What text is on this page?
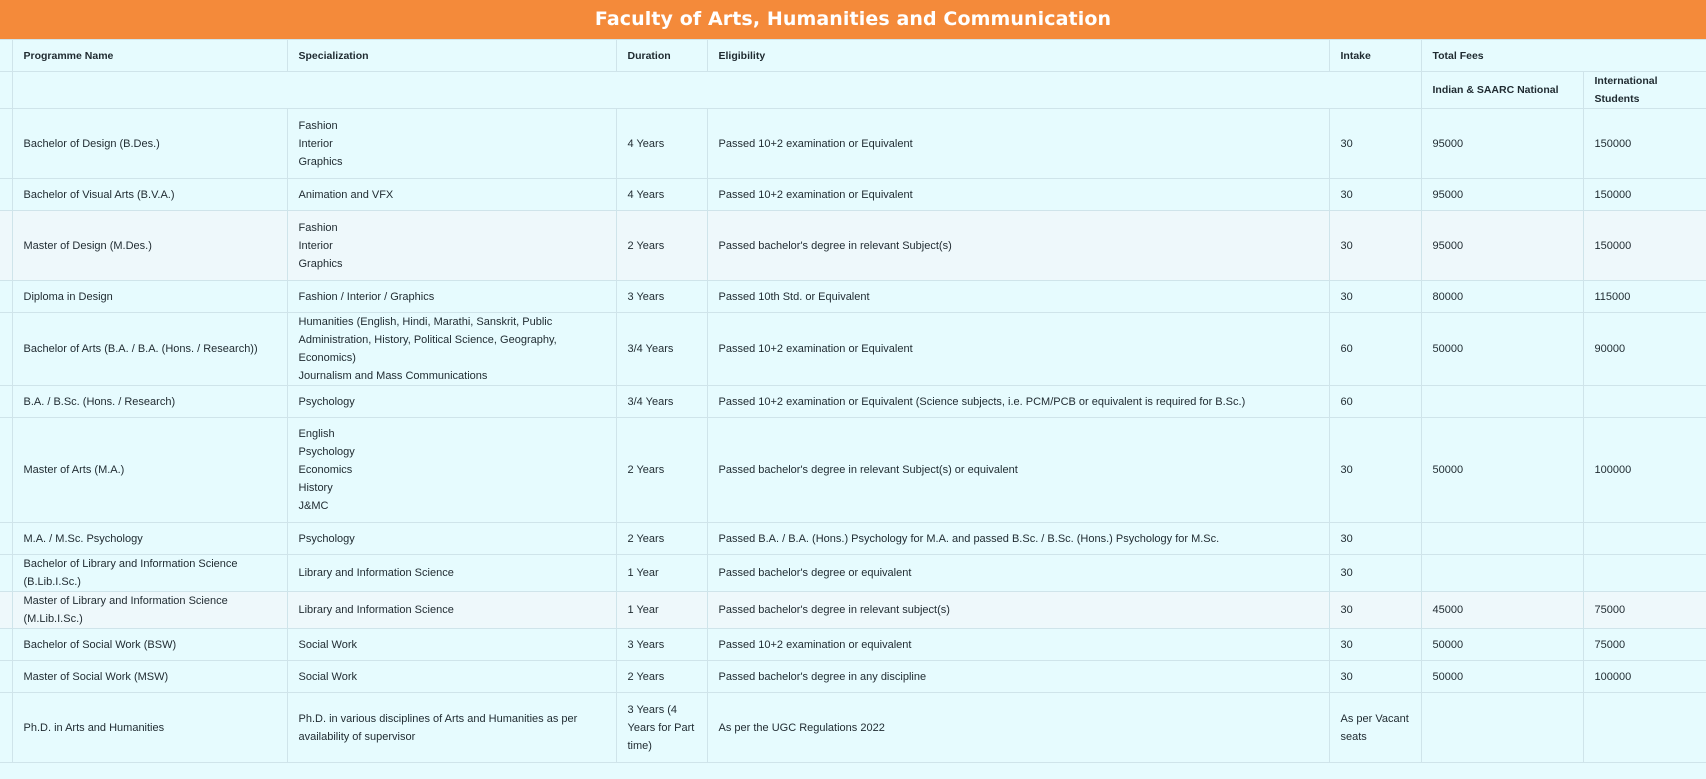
Faculty of Arts, Humanities and Communication
	Programme Name	Specialization	Duration	Eligibility	Intake	Total Fees	
						Indian & SAARC National	International Students
	Bachelor of Design (B.Des.)	Fashion
Interior
Graphics	4 Years	Passed 10+2 examination or Equivalent	30	95000	150000
	Bachelor of Visual Arts (B.V.A.)	Animation and VFX	4 Years	Passed 10+2 examination or Equivalent	30	95000	150000
	Master of Design (M.Des.)	Fashion
Interior
Graphics	2 Years	Passed bachelor's degree in relevant Subject(s)	30	95000	150000
	Diploma in Design	Fashion / Interior / Graphics	3 Years	Passed 10th Std. or Equivalent	30	80000	115000
	Bachelor of Arts (B.A. / B.A. (Hons. / Research))	Humanities (English, Hindi, Marathi, Sanskrit, Public
Administration, History, Political Science, Geography, Economics)
Journalism and Mass Communications	3/4 Years	Passed 10+2 examination or Equivalent	60	50000	90000
	B.A. / B.Sc. (Hons. / Research)	Psychology	3/4 Years	Passed 10+2 examination or Equivalent (Science subjects, i.e. PCM/PCB or equivalent is required for B.Sc.)	60		
	Master of Arts (M.A.)	English
Psychology
Economics
History
J&MC	2 Years	Passed bachelor's degree in relevant Subject(s) or equivalent	30	50000	100000
	M.A. / M.Sc. Psychology	Psychology	2 Years	Passed B.A. / B.A. (Hons.) Psychology for M.A. and passed B.Sc. / B.Sc. (Hons.) Psychology for M.Sc.	30		
	Bachelor of Library and Information Science (B.Lib.I.Sc.)	Library and Information Science	1 Year	Passed bachelor's degree or equivalent	30		
	Master of Library and Information Science (M.Lib.I.Sc.)	Library and Information Science	1 Year	Passed bachelor's degree in relevant subject(s)	30	45000	75000
	Bachelor of Social Work (BSW)	Social Work	3 Years	Passed 10+2 examination or equivalent	30	50000	75000
	Master of Social Work (MSW)	Social Work	2 Years	Passed bachelor's degree in any discipline	30	50000	100000
	Ph.D. in Arts and Humanities	Ph.D. in various disciplines of Arts and Humanities as per
availability of supervisor	3 Years (4
Years for Part
time)	As per the UGC Regulations 2022	As per Vacant
seats		
